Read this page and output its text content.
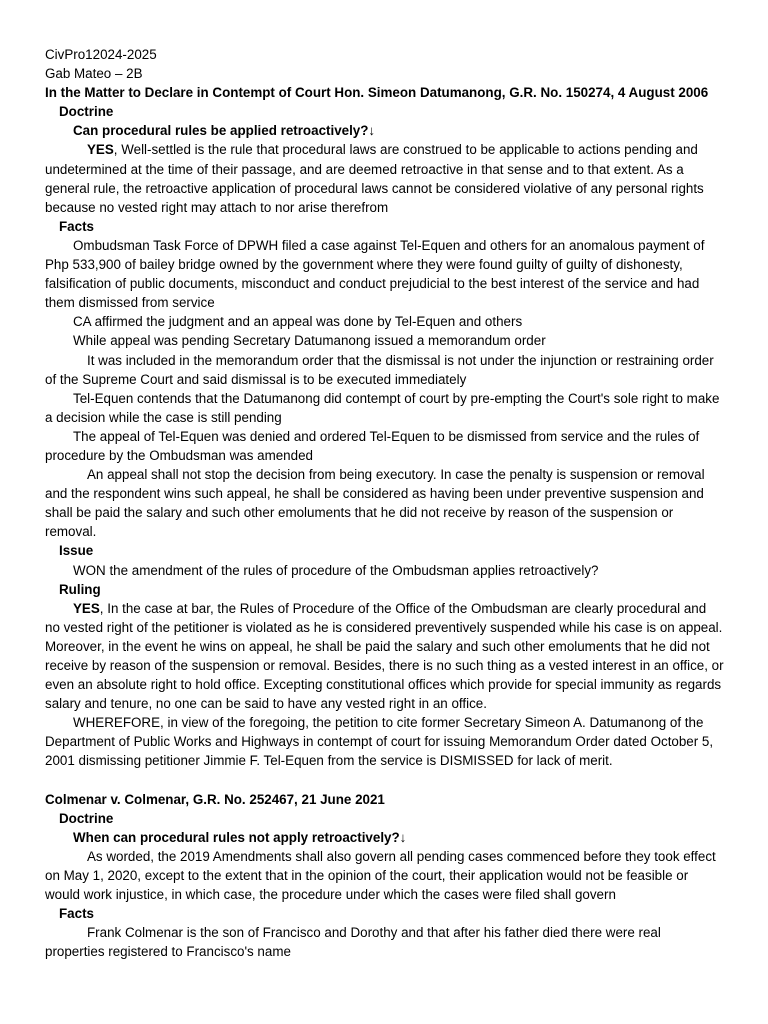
CivPro12024-2025
Gab Mateo – 2B
In the Matter to Declare in Contempt of Court Hon. Simeon Datumanong, G.R. No. 150274, 4 August 2006
Doctrine
Can procedural rules be applied retroactively?↓

YES, Well-settled is the rule that procedural laws are construed to be applicable to actions pending and undetermined at the time of their passage, and are deemed retroactive in that sense and to that extent. As a general rule, the retroactive application of procedural laws cannot be considered violative of any personal rights because no vested right may attach to nor arise therefrom

Facts

Ombudsman Task Force of DPWH filed a case against Tel-Equen and others for an anomalous payment of Php 533,900 of bailey bridge owned by the government where they were found guilty of guilty of dishonesty, falsification of public documents, misconduct and conduct prejudicial to the best interest of the service and had them dismissed from service

CA affirmed the judgment and an appeal was done by Tel-Equen and others

While appeal was pending Secretary Datumanong issued a memorandum order

It was included in the memorandum order that the dismissal is not under the injunction or restraining order of the Supreme Court and said dismissal is to be executed immediately

Tel-Equen contends that the Datumanong did contempt of court by pre-empting the Court's sole right to make a decision while the case is still pending

The appeal of Tel-Equen was denied and ordered Tel-Equen to be dismissed from service and the rules of procedure by the Ombudsman was amended

An appeal shall not stop the decision from being executory. In case the penalty is suspension or removal and the respondent wins such appeal, he shall be considered as having been under preventive suspension and shall be paid the salary and such other emoluments that he did not receive by reason of the suspension or removal.

Issue

WON the amendment of the rules of procedure of the Ombudsman applies retroactively?

Ruling

YES, In the case at bar, the Rules of Procedure of the Office of the Ombudsman are clearly procedural and no vested right of the petitioner is violated as he is considered preventively suspended while his case is on appeal. Moreover, in the event he wins on appeal, he shall be paid the salary and such other emoluments that he did not receive by reason of the suspension or removal. Besides, there is no such thing as a vested interest in an office, or even an absolute right to hold office. Excepting constitutional offices which provide for special immunity as regards salary and tenure, no one can be said to have any vested right in an office.

WHEREFORE, in view of the foregoing, the petition to cite former Secretary Simeon A. Datumanong of the Department of Public Works and Highways in contempt of court for issuing Memorandum Order dated October 5, 2001 dismissing petitioner Jimmie F. Tel-Equen from the service is DISMISSED for lack of merit.

Colmenar v. Colmenar, G.R. No. 252467, 21 June 2021
Doctrine
When can procedural rules not apply retroactively?↓

As worded, the 2019 Amendments shall also govern all pending cases commenced before they took effect on May 1, 2020, except to the extent that in the opinion of the court, their application would not be feasible or would work injustice, in which case, the procedure under which the cases were filed shall govern

Facts

Frank Colmenar is the son of Francisco and Dorothy and that after his father died there were real properties registered to Francisco's name
